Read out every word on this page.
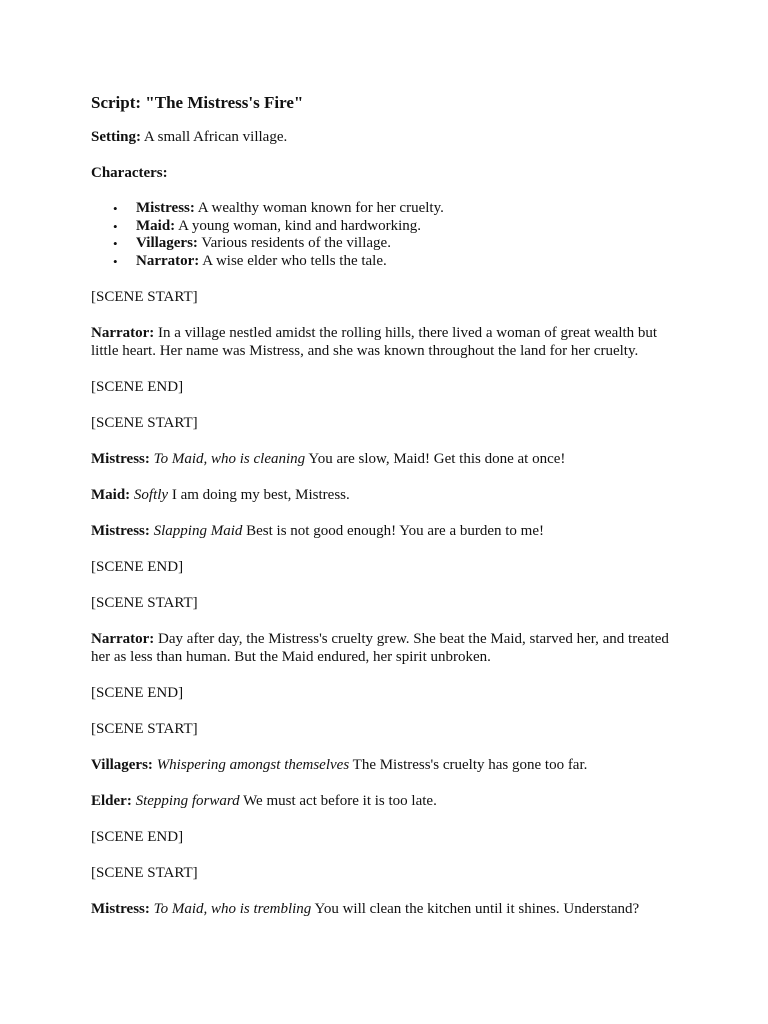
Script: "The Mistress's Fire"

Setting: A small African village.

Characters:

• Mistress: A wealthy woman known for her cruelty.
• Maid: A young woman, kind and hardworking.
• Villagers: Various residents of the village.
• Narrator: A wise elder who tells the tale.

[SCENE START]

Narrator: In a village nestled amidst the rolling hills, there lived a woman of great wealth but little heart. Her name was Mistress, and she was known throughout the land for her cruelty.

[SCENE END]

[SCENE START]

Mistress: To Maid, who is cleaning You are slow, Maid! Get this done at once!

Maid: Softly I am doing my best, Mistress.

Mistress: Slapping Maid Best is not good enough! You are a burden to me!

[SCENE END]

[SCENE START]

Narrator: Day after day, the Mistress's cruelty grew. She beat the Maid, starved her, and treated her as less than human. But the Maid endured, her spirit unbroken.

[SCENE END]

[SCENE START]

Villagers: Whispering amongst themselves The Mistress's cruelty has gone too far.

Elder: Stepping forward We must act before it is too late.

[SCENE END]

[SCENE START]

Mistress: To Maid, who is trembling You will clean the kitchen until it shines. Understand?
